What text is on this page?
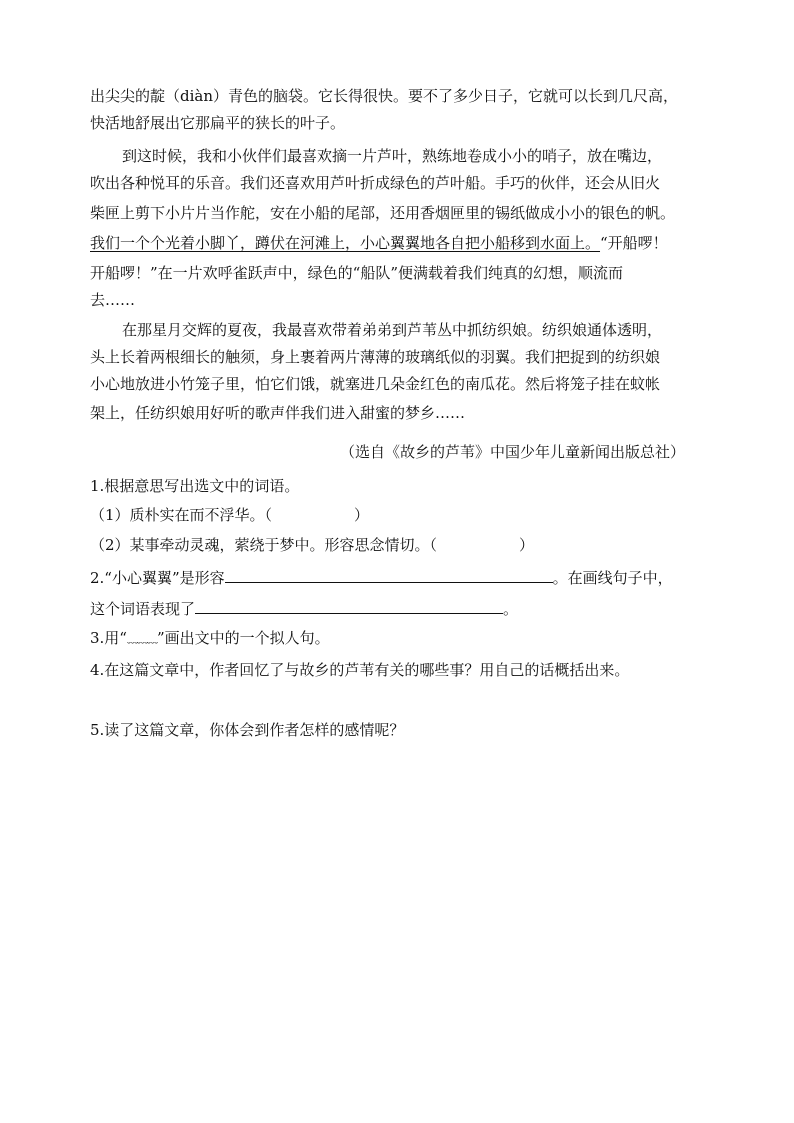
出尖尖的靛（diàn）青色的脑袋。它长得很快。要不了多少日子，它就可以长到几尺高，
快活地舒展出它那扁平的狭长的叶子。
到这时候，我和小伙伴们最喜欢摘一片芦叶，熟练地卷成小小的哨子，放在嘴边，
吹出各种悦耳的乐音。我们还喜欢用芦叶折成绿色的芦叶船。手巧的伙伴，还会从旧火
柴匣上剪下小片片当作舵，安在小船的尾部，还用香烟匣里的锡纸做成小小的银色的帆。
我们一个个光着小脚丫，蹲伏在河滩上，小心翼翼地各自把小船移到水面上。“开船啰！
开船啰！”在一片欢呼雀跃声中，绿色的“船队”便满载着我们纯真的幻想，顺流而
去……
在那星月交辉的夏夜，我最喜欢带着弟弟到芦苇丛中抓纺织娘。纺织娘通体透明，
头上长着两根细长的触须，身上裹着两片薄薄的玻璃纸似的羽翼。我们把捉到的纺织娘
小心地放进小竹笼子里，怕它们饿，就塞进几朵金红色的南瓜花。然后将笼子挂在蚊帐
架上，任纺织娘用好听的歌声伴我们进入甜蜜的梦乡……
（选自《故乡的芦苇》中国少年儿童新闻出版总社）
1.根据意思写出选文中的词语。
（1）质朴实在而不浮华。（	）
（2）某事牵动灵魂，萦绕于梦中。形容思念情切。（	）
2.“小心翼翼”是形容	。在画线句子中，
这个词语表现了	。
3.用“﹏﹏﹏”画出文中的一个拟人句。
4.在这篇文章中，作者回忆了与故乡的芦苇有关的哪些事？用自己的话概括出来。
5.读了这篇文章，你体会到作者怎样的感情呢？
